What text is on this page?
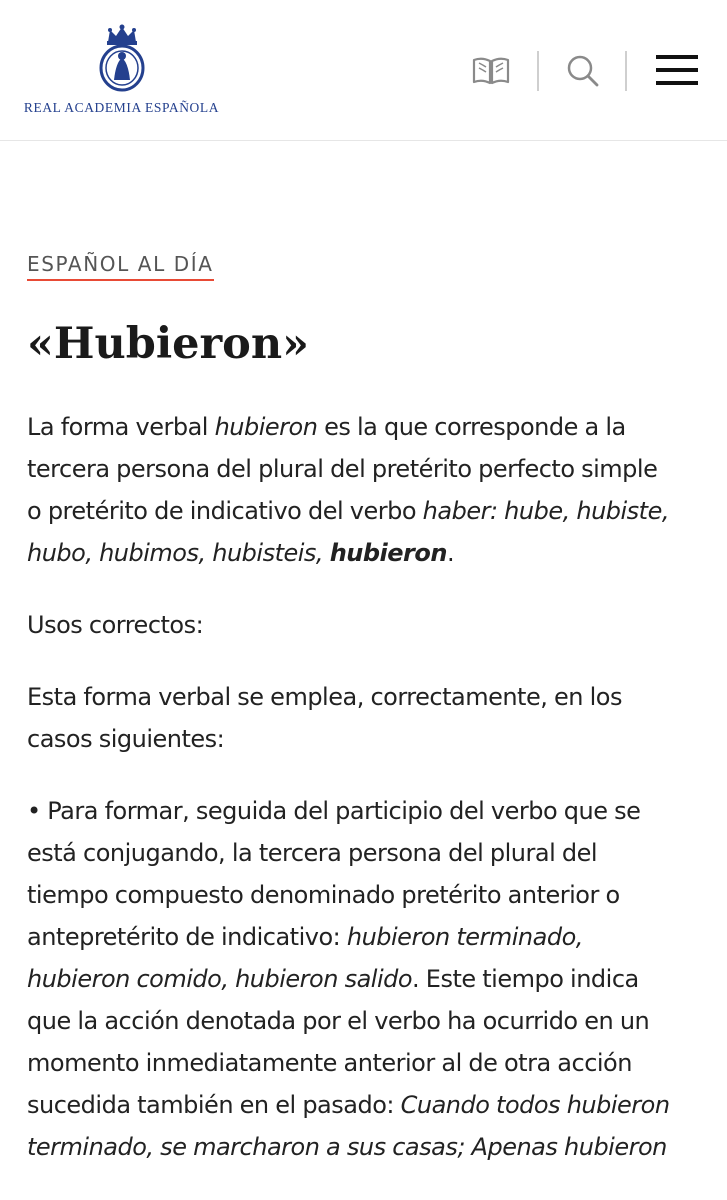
REAL ACADEMIA ESPAÑOLA
ESPAÑOL AL DÍA
«Hubieron»

La forma verbal hubieron es la que corresponde a la
tercera persona del plural del pretérito perfecto simple
o pretérito de indicativo del verbo haber: hube, hubiste,
hubo, hubimos, hubisteis, hubieron.

Usos correctos:

Esta forma verbal se emplea, correctamente, en los
casos siguientes:

• Para formar, seguida del participio del verbo que se
está conjugando, la tercera persona del plural del
tiempo compuesto denominado pretérito anterior o
antepretérito de indicativo: hubieron terminado,
hubieron comido, hubieron salido. Este tiempo indica
que la acción denotada por el verbo ha ocurrido en un
momento inmediatamente anterior al de otra acción
sucedida también en el pasado: Cuando todos hubieron
terminado, se marcharon a sus casas; Apenas hubieron
